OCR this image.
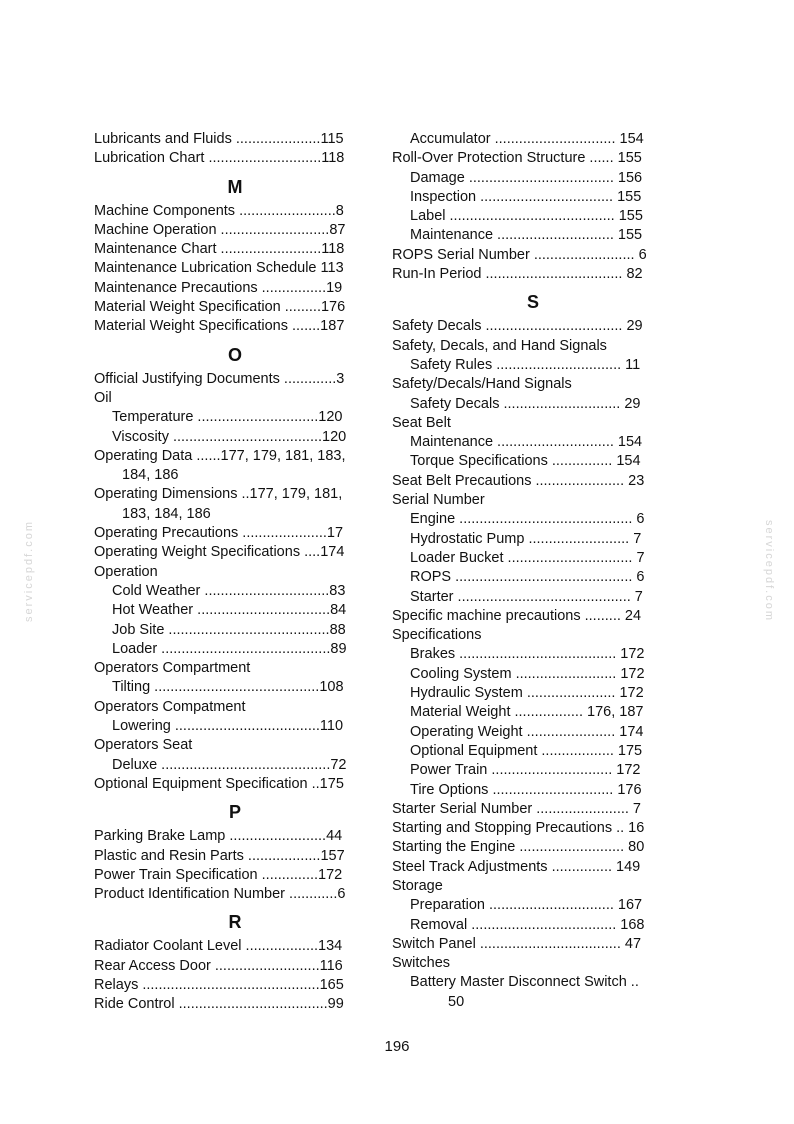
servicepdf.com	servicepdf.com
Lubricants and Fluids .....................115
Lubrication Chart ............................118
M
Machine Components ........................8
Machine Operation ...........................87
Maintenance Chart .........................118
Maintenance Lubrication Schedule 113
Maintenance Precautions ................19
Material Weight Specification .........176
Material Weight Specifications .......187
O
Official Justifying Documents .............3
Oil
Temperature ..............................120
Viscosity .....................................120
Operating Data ......177, 179, 181, 183,
184, 186
Operating Dimensions ..177, 179, 181,
183, 184, 186
Operating Precautions .....................17
Operating Weight Specifications ....174
Operation
Cold Weather ...............................83
Hot Weather .................................84
Job Site ........................................88
Loader ..........................................89
Operators Compartment
Tilting .........................................108
Operators Compatment
Lowering ....................................110
Operators Seat
Deluxe ..........................................72
Optional Equipment Specification ..175
P
Parking Brake Lamp ........................44
Plastic and Resin Parts ..................157
Power Train Specification ..............172
Product Identification Number ............6
R
Radiator Coolant Level ..................134
Rear Access Door ..........................116
Relays ............................................165
Ride Control .....................................99
Accumulator .............................. 154
Roll-Over Protection Structure ...... 155
Damage .................................... 156
Inspection ................................. 155
Label ......................................... 155
Maintenance ............................. 155
ROPS Serial Number ......................... 6
Run-In Period .................................. 82
S
Safety Decals .................................. 29
Safety, Decals, and Hand Signals
Safety Rules ............................... 11
Safety/Decals/Hand Signals
Safety Decals ............................. 29
Seat Belt
Maintenance ............................. 154
Torque Specifications ............... 154
Seat Belt Precautions ...................... 23
Serial Number
Engine ........................................... 6
Hydrostatic Pump ......................... 7
Loader Bucket ............................... 7
ROPS ............................................ 6
Starter ........................................... 7
Specific machine precautions ......... 24
Specifications
Brakes ....................................... 172
Cooling System ......................... 172
Hydraulic System ...................... 172
Material Weight ................. 176, 187
Operating Weight ...................... 174
Optional Equipment .................. 175
Power Train .............................. 172
Tire Options .............................. 176
Starter Serial Number ....................... 7
Starting and Stopping Precautions .. 16
Starting the Engine .......................... 80
Steel Track Adjustments ............... 149
Storage
Preparation ............................... 167
Removal .................................... 168
Switch Panel ................................... 47
Switches
Battery Master Disconnect Switch ..
50
196
